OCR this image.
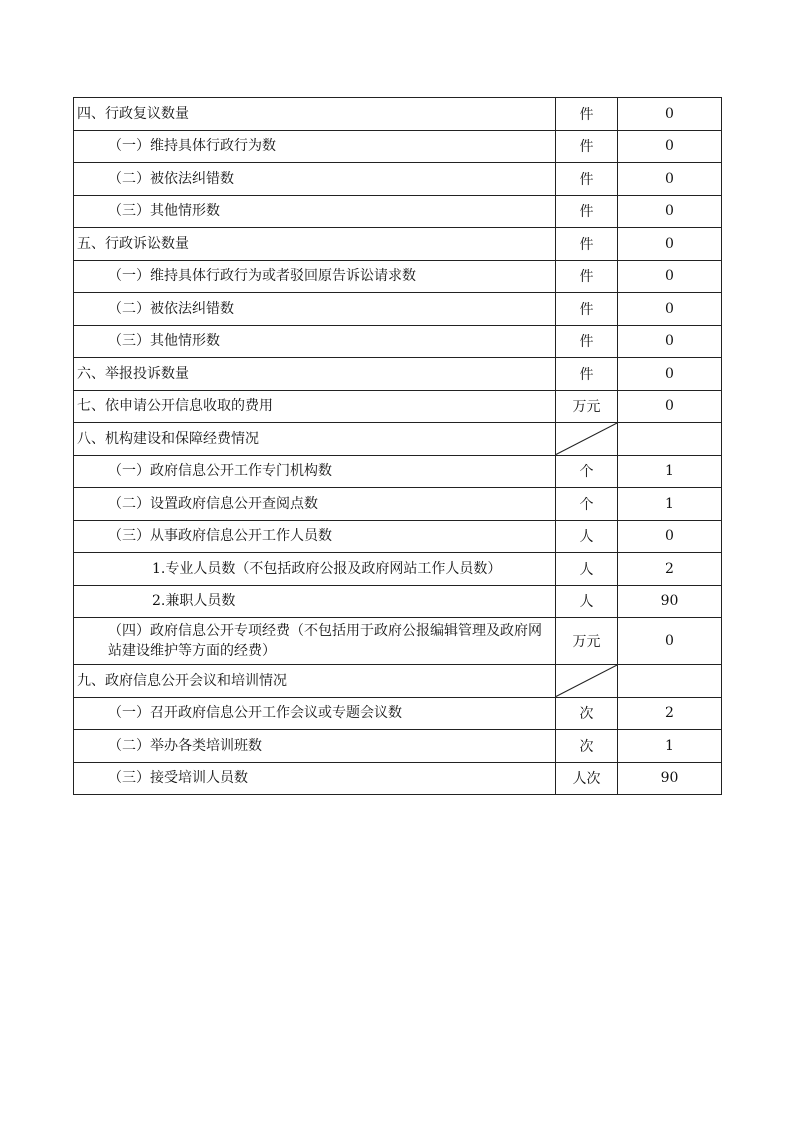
四、行政复议数量	件	0
（一）维持具体行政行为数	件	0
（二）被依法纠错数	件	0
（三）其他情形数	件	0
五、行政诉讼数量	件	0
（一）维持具体行政行为或者驳回原告诉讼请求数	件	0
（二）被依法纠错数	件	0
（三）其他情形数	件	0
六、举报投诉数量	件	0
七、依申请公开信息收取的费用	万元	0
八、机构建设和保障经费情况	

（一）政府信息公开工作专门机构数	个	1
（二）设置政府信息公开查阅点数	个	1
（三）从事政府信息公开工作人员数	人	0
1.专业人员数（不包括政府公报及政府网站工作人员数）	人	2
2.兼职人员数	人	90
（四）政府信息公开专项经费（不包括用于政府公报编辑管理及政府网站建设维护等方面的经费）	万元	0
九、政府信息公开会议和培训情况	

（一）召开政府信息公开工作会议或专题会议数	次	2
（二）举办各类培训班数	次	1
（三）接受培训人员数	人次	90
